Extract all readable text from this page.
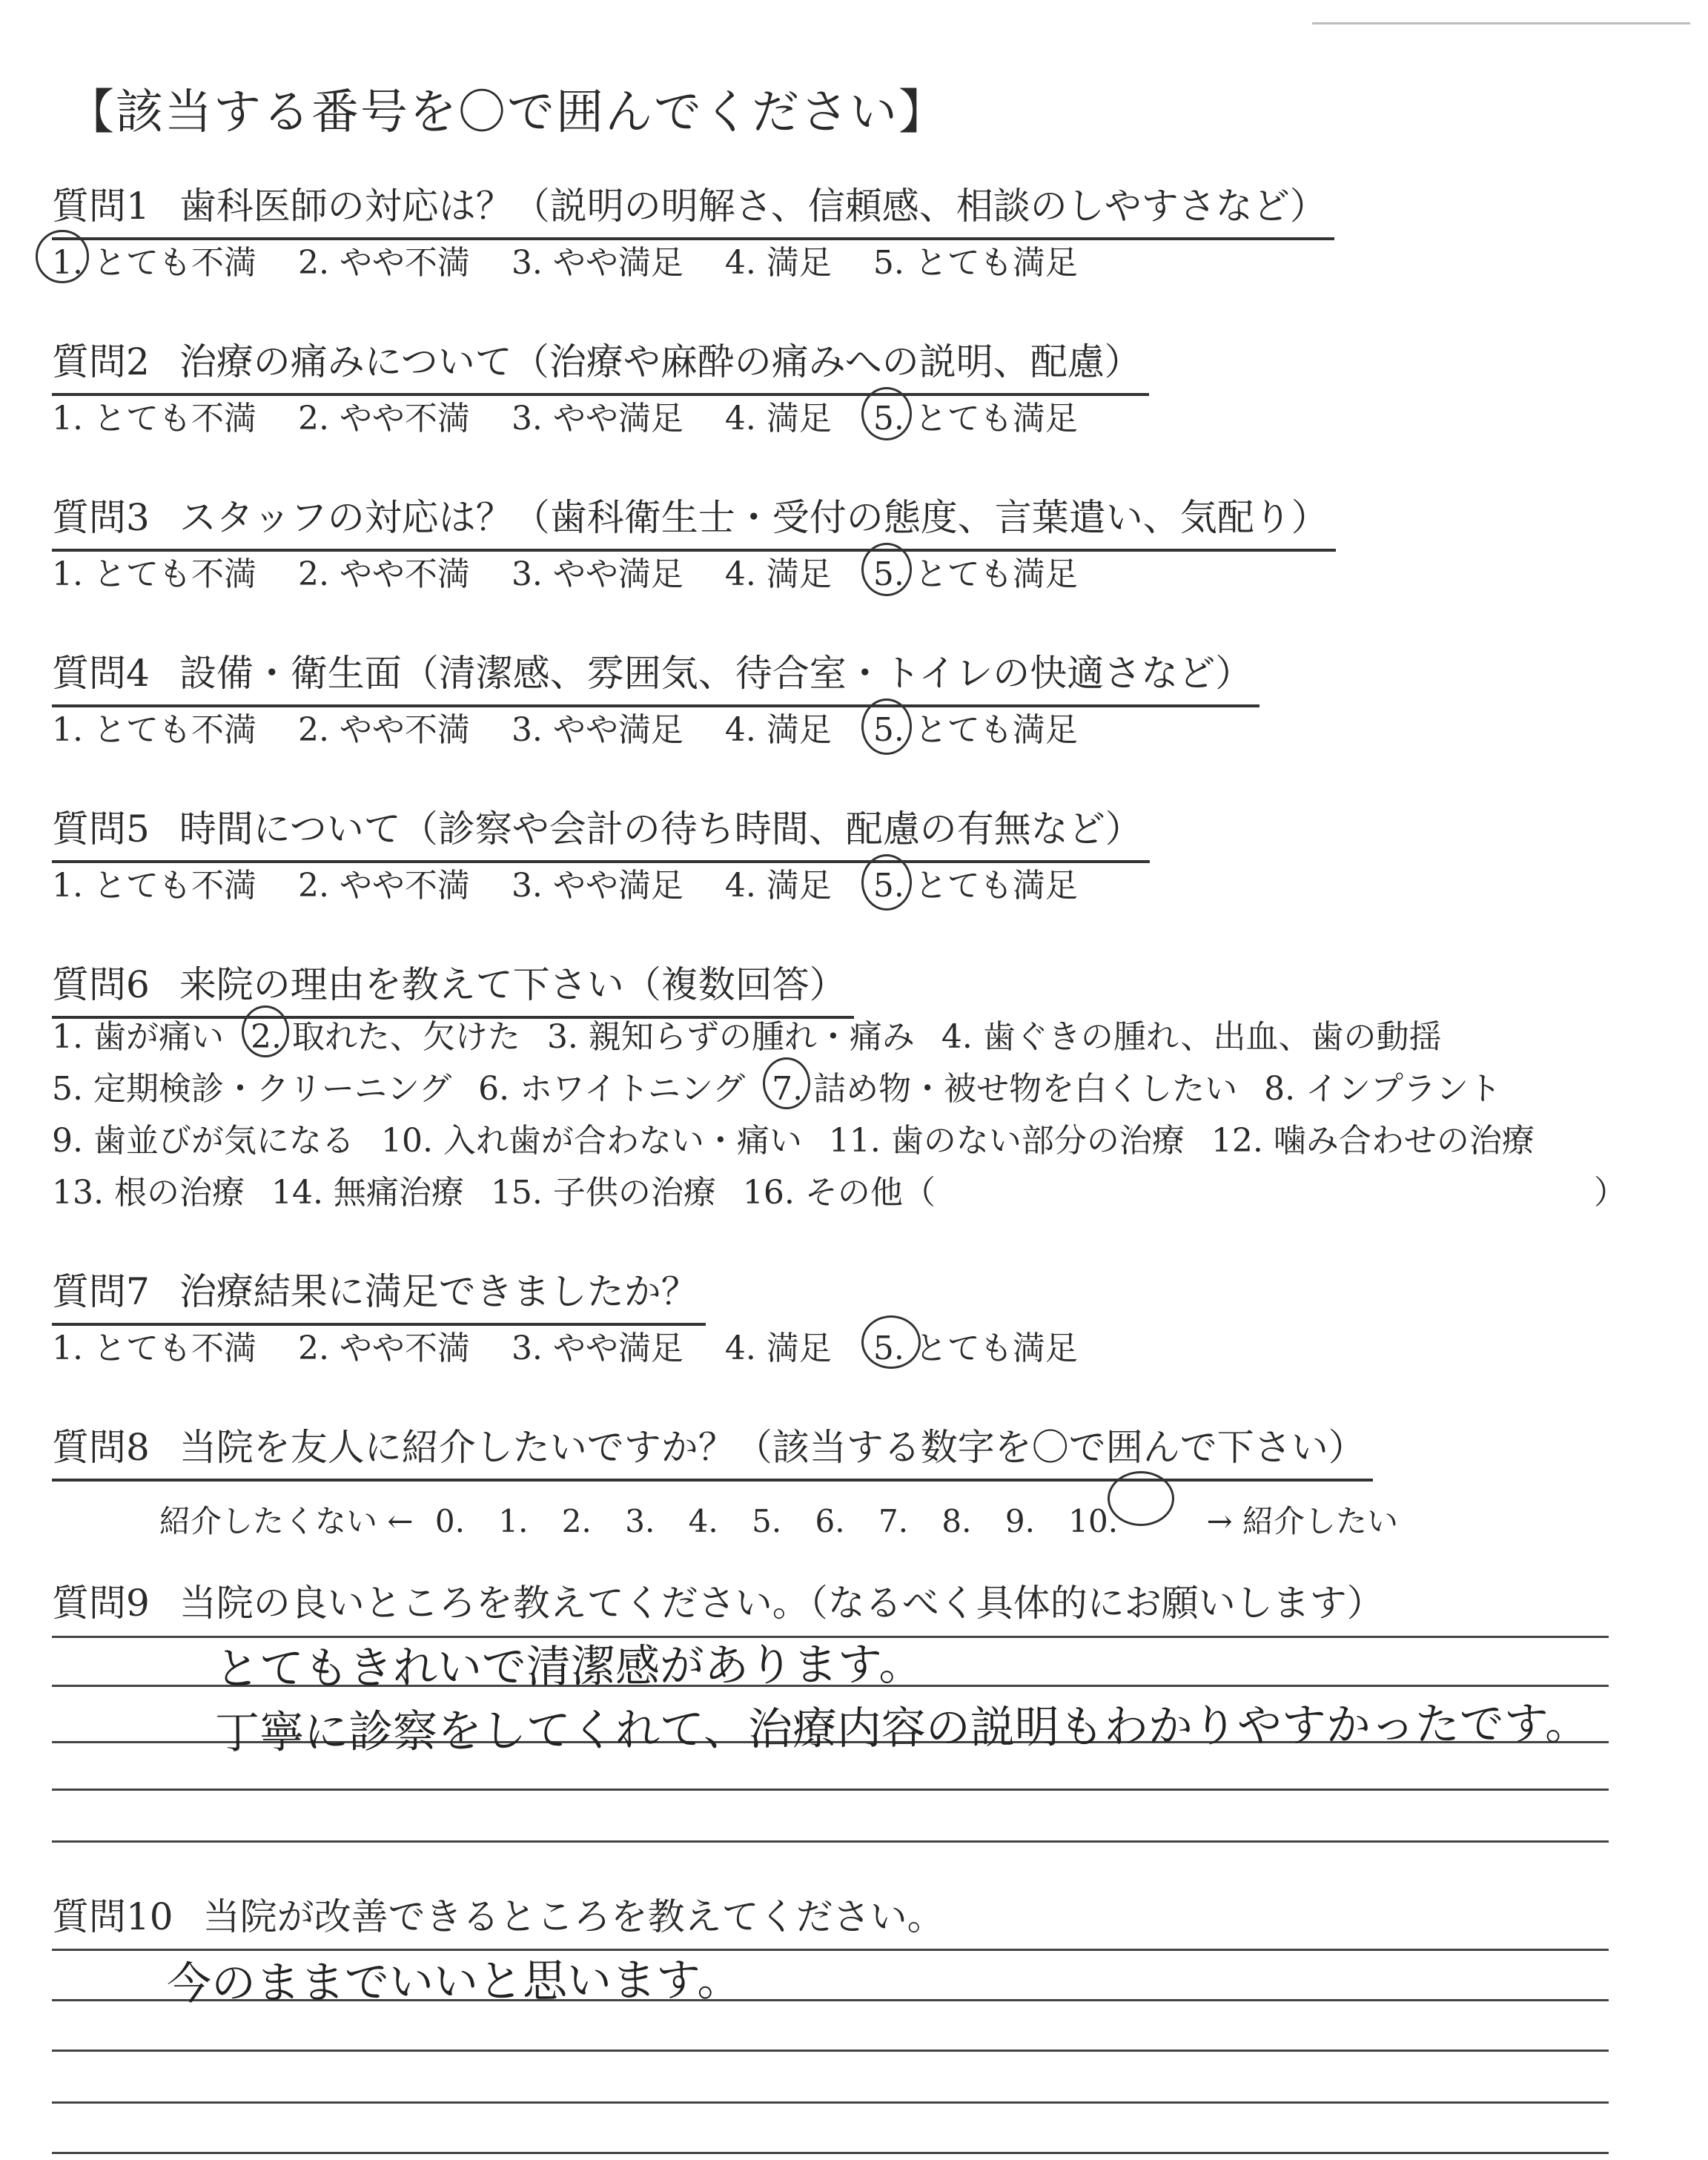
【該当する番号を〇で囲んでください】
質問1 歯科医師の対応は？（説明の明解さ、信頼感、相談のしやすさなど）
1. とても不満 2. やや不満 3. やや満足 4. 満足 5. とても満足
質問2 治療の痛みについて（治療や麻酔の痛みへの説明、配慮）
1. とても不満 2. やや不満 3. やや満足 4. 満足 5. とても満足
質問3 スタッフの対応は？（歯科衛生士・受付の態度、言葉遣い、気配り）
1. とても不満 2. やや不満 3. やや満足 4. 満足 5. とても満足
質問4 設備・衛生面（清潔感、雰囲気、待合室・トイレの快適さなど）
1. とても不満 2. やや不満 3. やや満足 4. 満足 5. とても満足
質問5 時間について（診察や会計の待ち時間、配慮の有無など）
1. とても不満 2. やや不満 3. やや満足 4. 満足 5. とても満足
質問6 来院の理由を教えて下さい（複数回答）
1. 歯が痛い 2. 取れた、欠けた 3. 親知らずの腫れ・痛み 4. 歯ぐきの腫れ、出血、歯の動揺
5. 定期検診・クリーニング 6. ホワイトニング 7. 詰め物・被せ物を白くしたい 8. インプラント
9. 歯並びが気になる 10. 入れ歯が合わない・痛い 11. 歯のない部分の治療 12. 噛み合わせの治療
13. 根の治療 14. 無痛治療 15. 子供の治療 16. その他（	）
質問7 治療結果に満足できましたか？
1. とても不満 2. やや不満 3. やや満足 4. 満足 5. とても満足
質問8 当院を友人に紹介したいですか？（該当する数字を〇で囲んで下さい）
紹介したくない ← 0. 1. 2. 3. 4. 5. 6. 7. 8. 9. 10.	→ 紹介したい
質問9 当院の良いところを教えてください。（なるべく具体的にお願いします）
とてもきれいで清潔感があります。
丁寧に診察をしてくれて、治療内容の説明もわかりやすかったです。
質問10 当院が改善できるところを教えてください。
今のままでいいと思います。
